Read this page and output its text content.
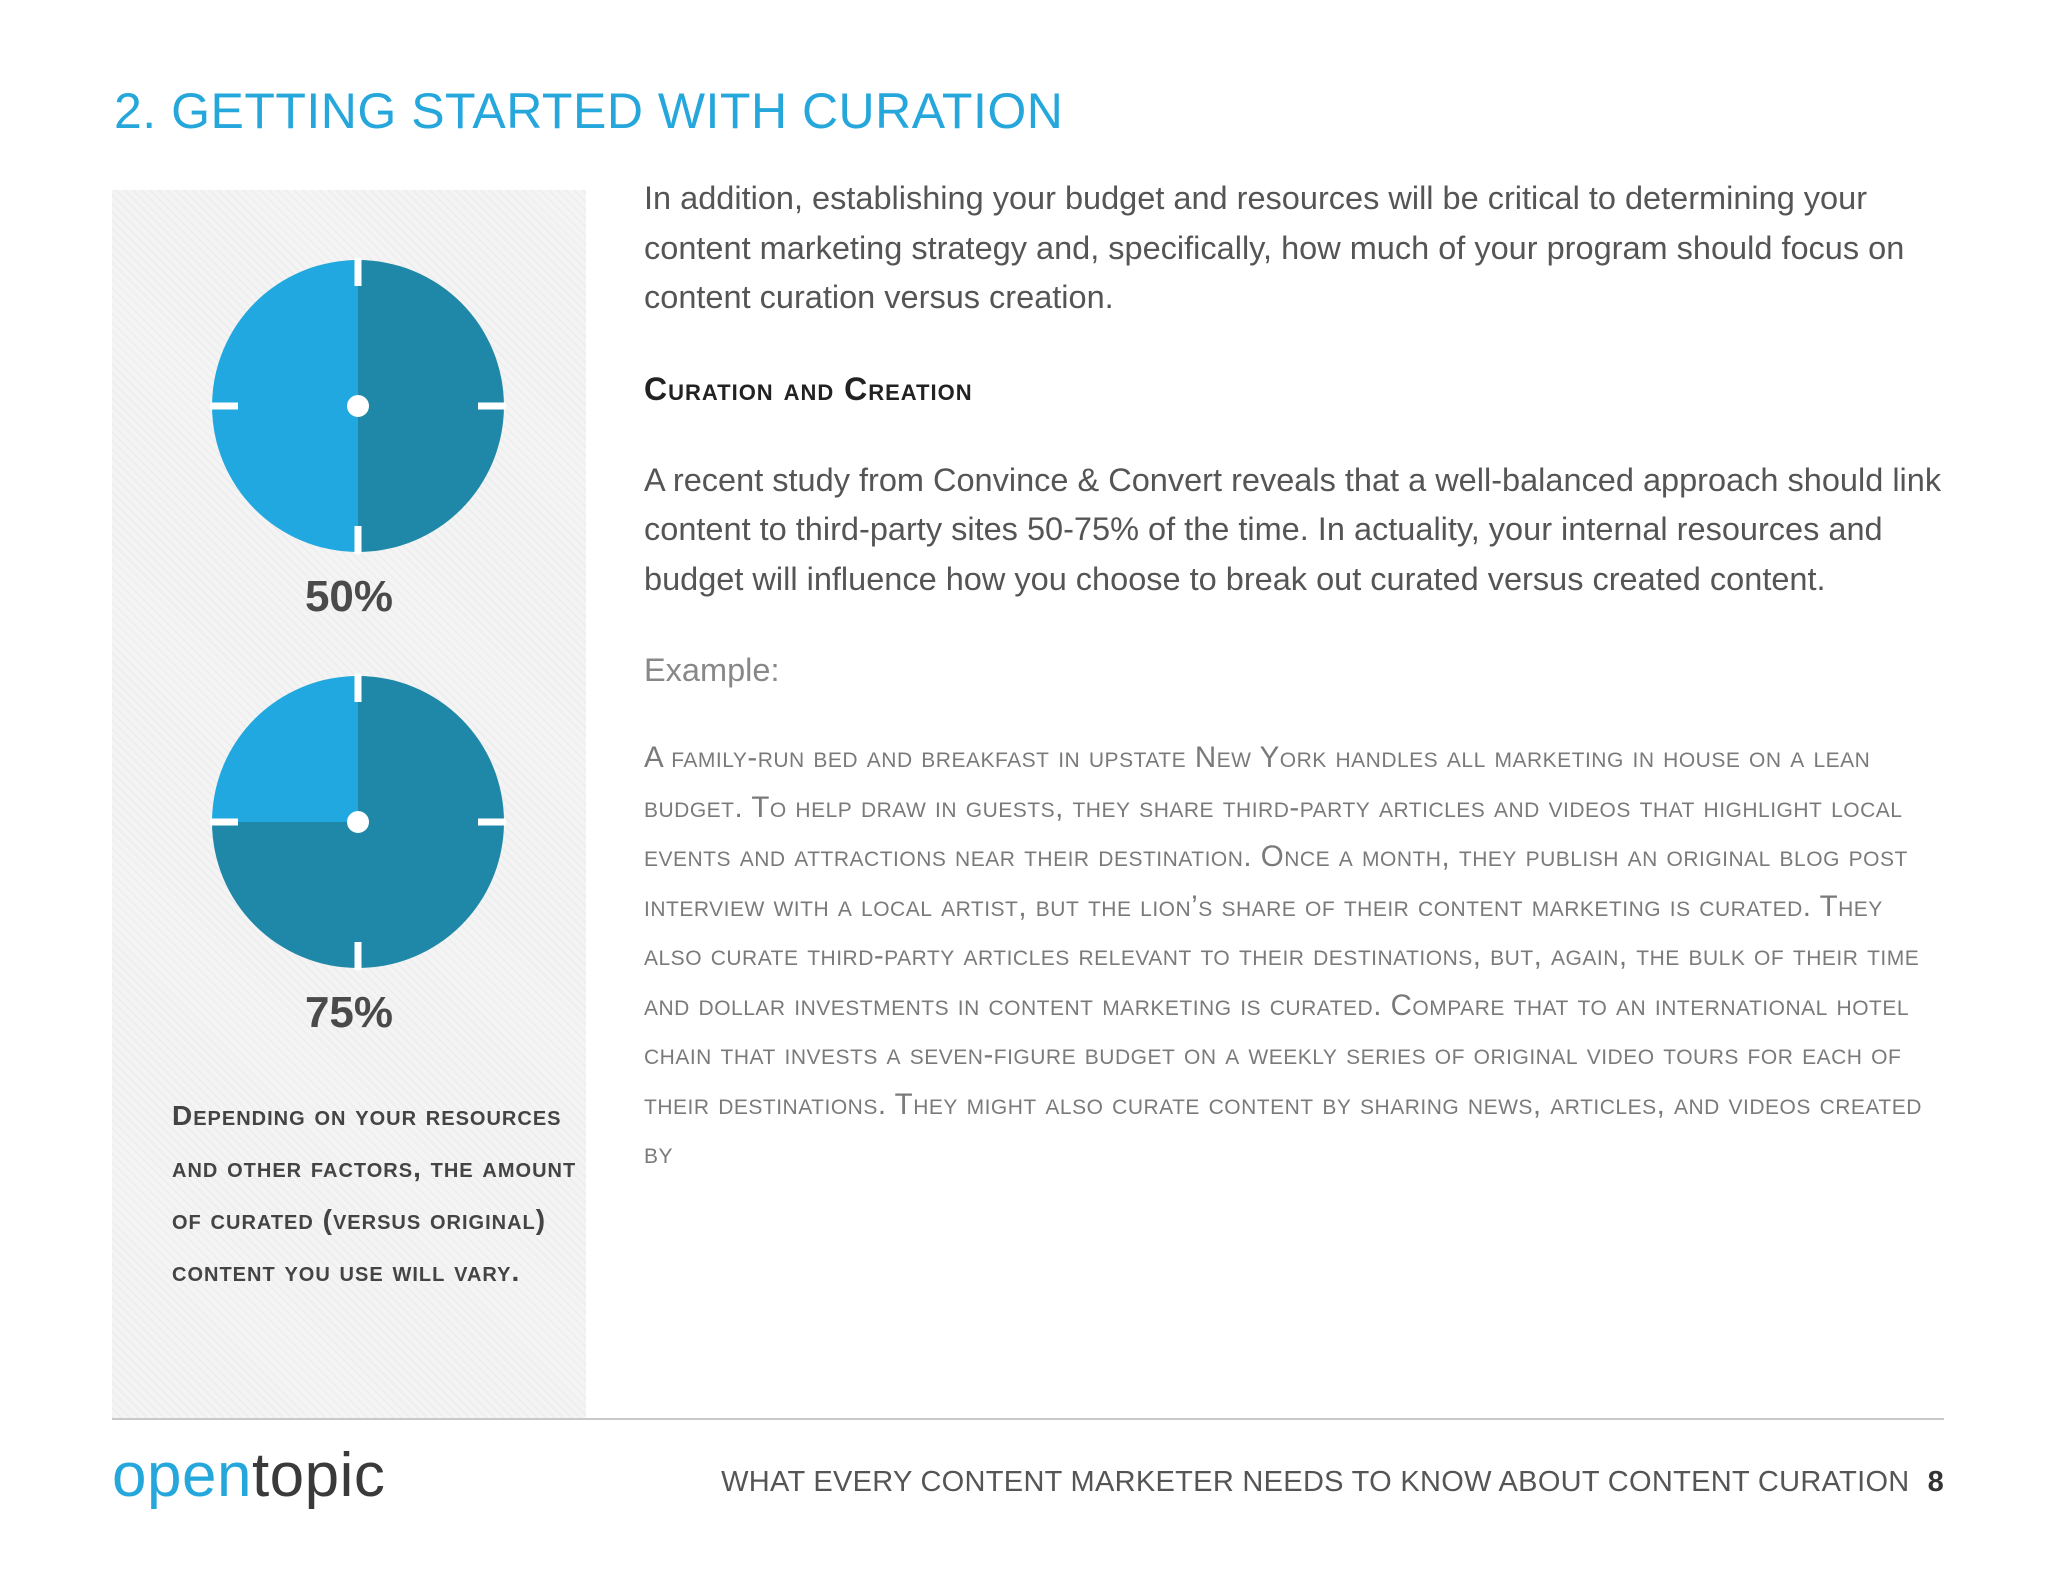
2. GETTING STARTED WITH CURATION
50%
75%

Depending on your resources and other factors, the amount of curated (versus original) content you use will vary.

In addition, establishing your budget and resources will be critical to determining your content marketing strategy and, specifically, how much of your program should focus on content curation versus creation.

Curation and Creation

A recent study from Convince & Convert reveals that a well-balanced approach should link content to third-party sites 50-75% of the time. In actuality, your internal resources and budget will influence how you choose to break out curated versus created content.

Example:

A family-run bed and breakfast in upstate New York handles all marketing in house on a lean budget. To help draw in guests, they share third-party articles and videos that highlight local events and attractions near their destination. Once a month, they publish an original blog post interview with a local artist, but the lion’s share of their content marketing is curated. They also curate third-party articles relevant to their destinations, but, again, the bulk of their time and dollar investments in content marketing is curated. Compare that to an international hotel chain that invests a seven-figure budget on a weekly series of original video tours for each of their destinations. They might also curate content by sharing news, articles, and videos created by

opentopic	WHAT EVERY CONTENT MARKETER NEEDS TO KNOW ABOUT CONTENT CURATION 8
